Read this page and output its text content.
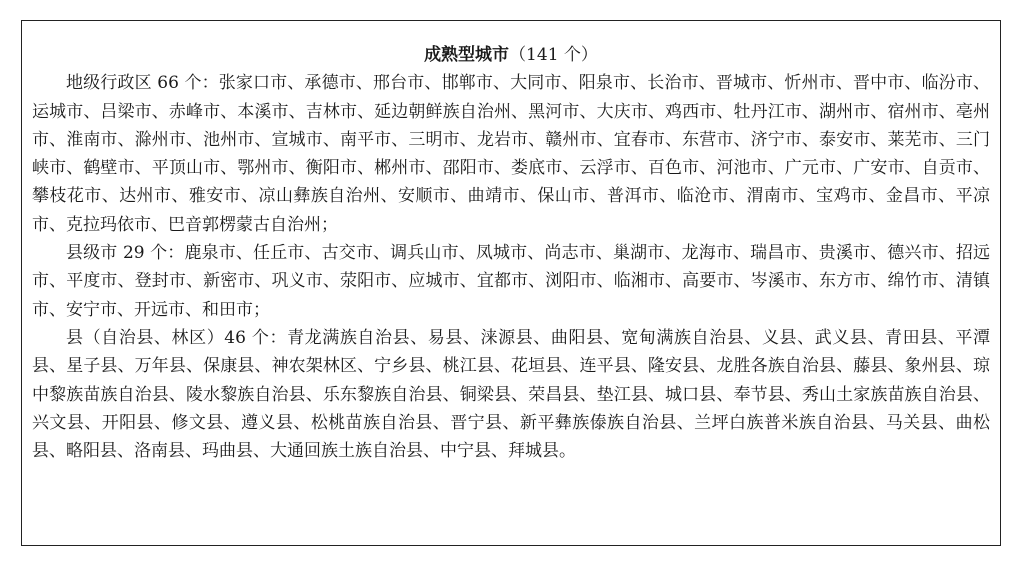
成熟型城市（141 个）

地级行政区 66 个：张家口市、承德市、邢台市、邯郸市、大同市、阳泉市、长治市、晋城市、忻州市、晋中市、临汾市、运城市、吕梁市、赤峰市、本溪市、吉林市、延边朝鲜族自治州、黑河市、大庆市、鸡西市、牡丹江市、湖州市、宿州市、亳州市、淮南市、滁州市、池州市、宣城市、南平市、三明市、龙岩市、赣州市、宜春市、东营市、济宁市、泰安市、莱芜市、三门峡市、鹤壁市、平顶山市、鄂州市、衡阳市、郴州市、邵阳市、娄底市、云浮市、百色市、河池市、广元市、广安市、自贡市、攀枝花市、达州市、雅安市、凉山彝族自治州、安顺市、曲靖市、保山市、普洱市、临沧市、渭南市、宝鸡市、金昌市、平凉市、克拉玛依市、巴音郭楞蒙古自治州；

县级市 29 个：鹿泉市、任丘市、古交市、调兵山市、凤城市、尚志市、巢湖市、龙海市、瑞昌市、贵溪市、德兴市、招远市、平度市、登封市、新密市、巩义市、荥阳市、应城市、宜都市、浏阳市、临湘市、高要市、岑溪市、东方市、绵竹市、清镇市、安宁市、开远市、和田市；

县（自治县、林区）46 个：青龙满族自治县、易县、涞源县、曲阳县、宽甸满族自治县、义县、武义县、青田县、平潭县、星子县、万年县、保康县、神农架林区、宁乡县、桃江县、花垣县、连平县、隆安县、龙胜各族自治县、藤县、象州县、琼中黎族苗族自治县、陵水黎族自治县、乐东黎族自治县、铜梁县、荣昌县、垫江县、城口县、奉节县、秀山土家族苗族自治县、兴文县、开阳县、修文县、遵义县、松桃苗族自治县、晋宁县、新平彝族傣族自治县、兰坪白族普米族自治县、马关县、曲松县、略阳县、洛南县、玛曲县、大通回族土族自治县、中宁县、拜城县。
